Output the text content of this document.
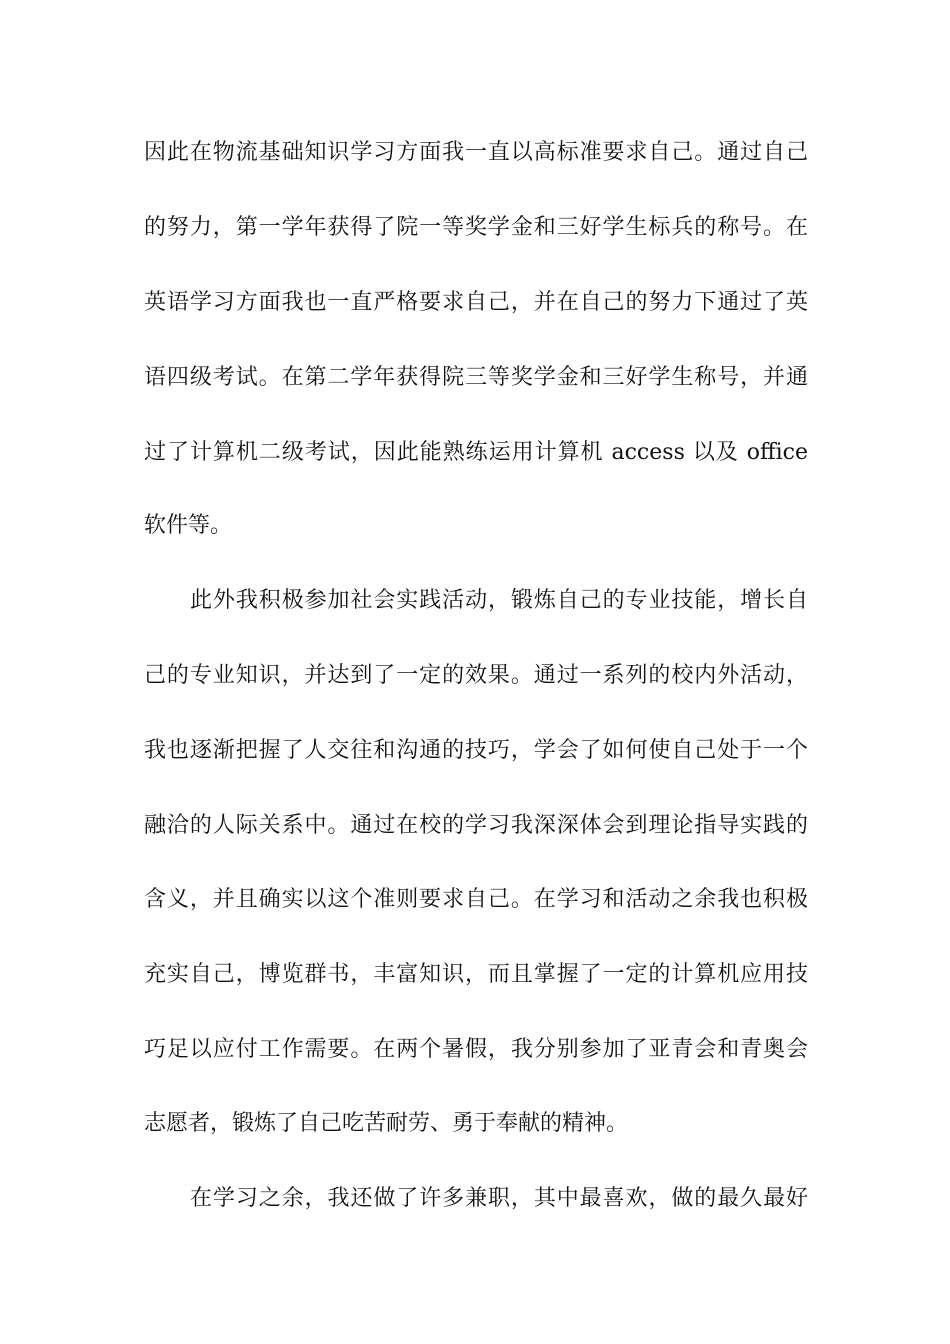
因此在物流基础知识学习方面我一直以高标准要求自己。通过自己
的努力，第一学年获得了院一等奖学金和三好学生标兵的称号。在
英语学习方面我也一直严格要求自己，并在自己的努力下通过了英
语四级考试。在第二学年获得院三等奖学金和三好学生称号，并通
过了计算机二级考试，因此能熟练运用计算机 access 以及 office
软件等。
此外我积极参加社会实践活动，锻炼自己的专业技能，增长自
己的专业知识，并达到了一定的效果。通过一系列的校内外活动，
我也逐渐把握了人交往和沟通的技巧，学会了如何使自己处于一个
融洽的人际关系中。通过在校的学习我深深体会到理论指导实践的
含义，并且确实以这个准则要求自己。在学习和活动之余我也积极
充实自己，博览群书，丰富知识，而且掌握了一定的计算机应用技
巧足以应付工作需要。在两个暑假，我分别参加了亚青会和青奥会
志愿者，锻炼了自己吃苦耐劳、勇于奉献的精神。
在学习之余，我还做了许多兼职，其中最喜欢，做的最久最好
